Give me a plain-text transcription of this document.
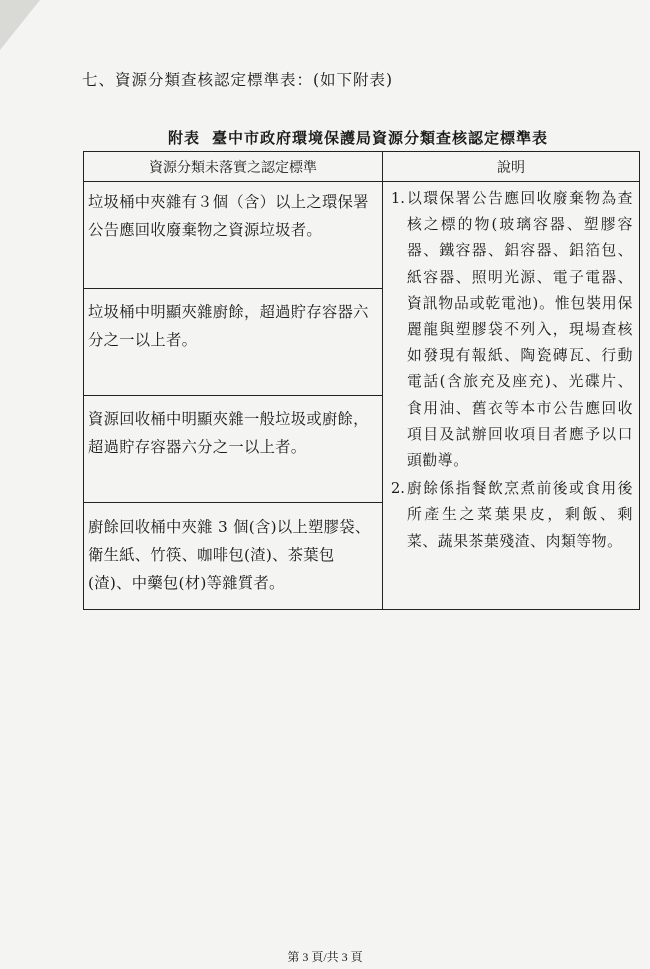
七、資源分類查核認定標準表：(如下附表)
附表 臺中市政府環境保護局資源分類查核認定標準表
資源分類未落實之認定標準	說明

垃圾桶中夾雜有３個（含）以上之環保署公告應回收廢棄物之資源垃圾者。	1. 以環保署公告應回收廢棄物為查核之標的物(玻璃容器、塑膠容器、鐵容器、鋁容器、鋁箔包、紙容器、照明光源、電子電器、資訊物品或乾電池)。惟包裝用保麗龍與塑膠袋不列入，現場查核如發現有報紙、陶瓷磚瓦、行動電話(含旅充及座充)、光碟片、食用油、舊衣等本市公告應回收項目及試辦回收項目者應予以口頭勸導。
2. 廚餘係指餐飲烹煮前後或食用後所產生之菜葉果皮，剩飯、剩菜、蔬果茶葉殘渣、肉類等物。

垃圾桶中明顯夾雜廚餘，超過貯存容器六分之一以上者。	

資源回收桶中明顯夾雜一般垃圾或廚餘，超過貯存容器六分之一以上者。	

廚餘回收桶中夾雜 3 個(含)以上塑膠袋、衛生紙、竹筷、咖啡包(渣)、茶葉包(渣)、中藥包(材)等雜質者。	
第 3 頁/共 3 頁
